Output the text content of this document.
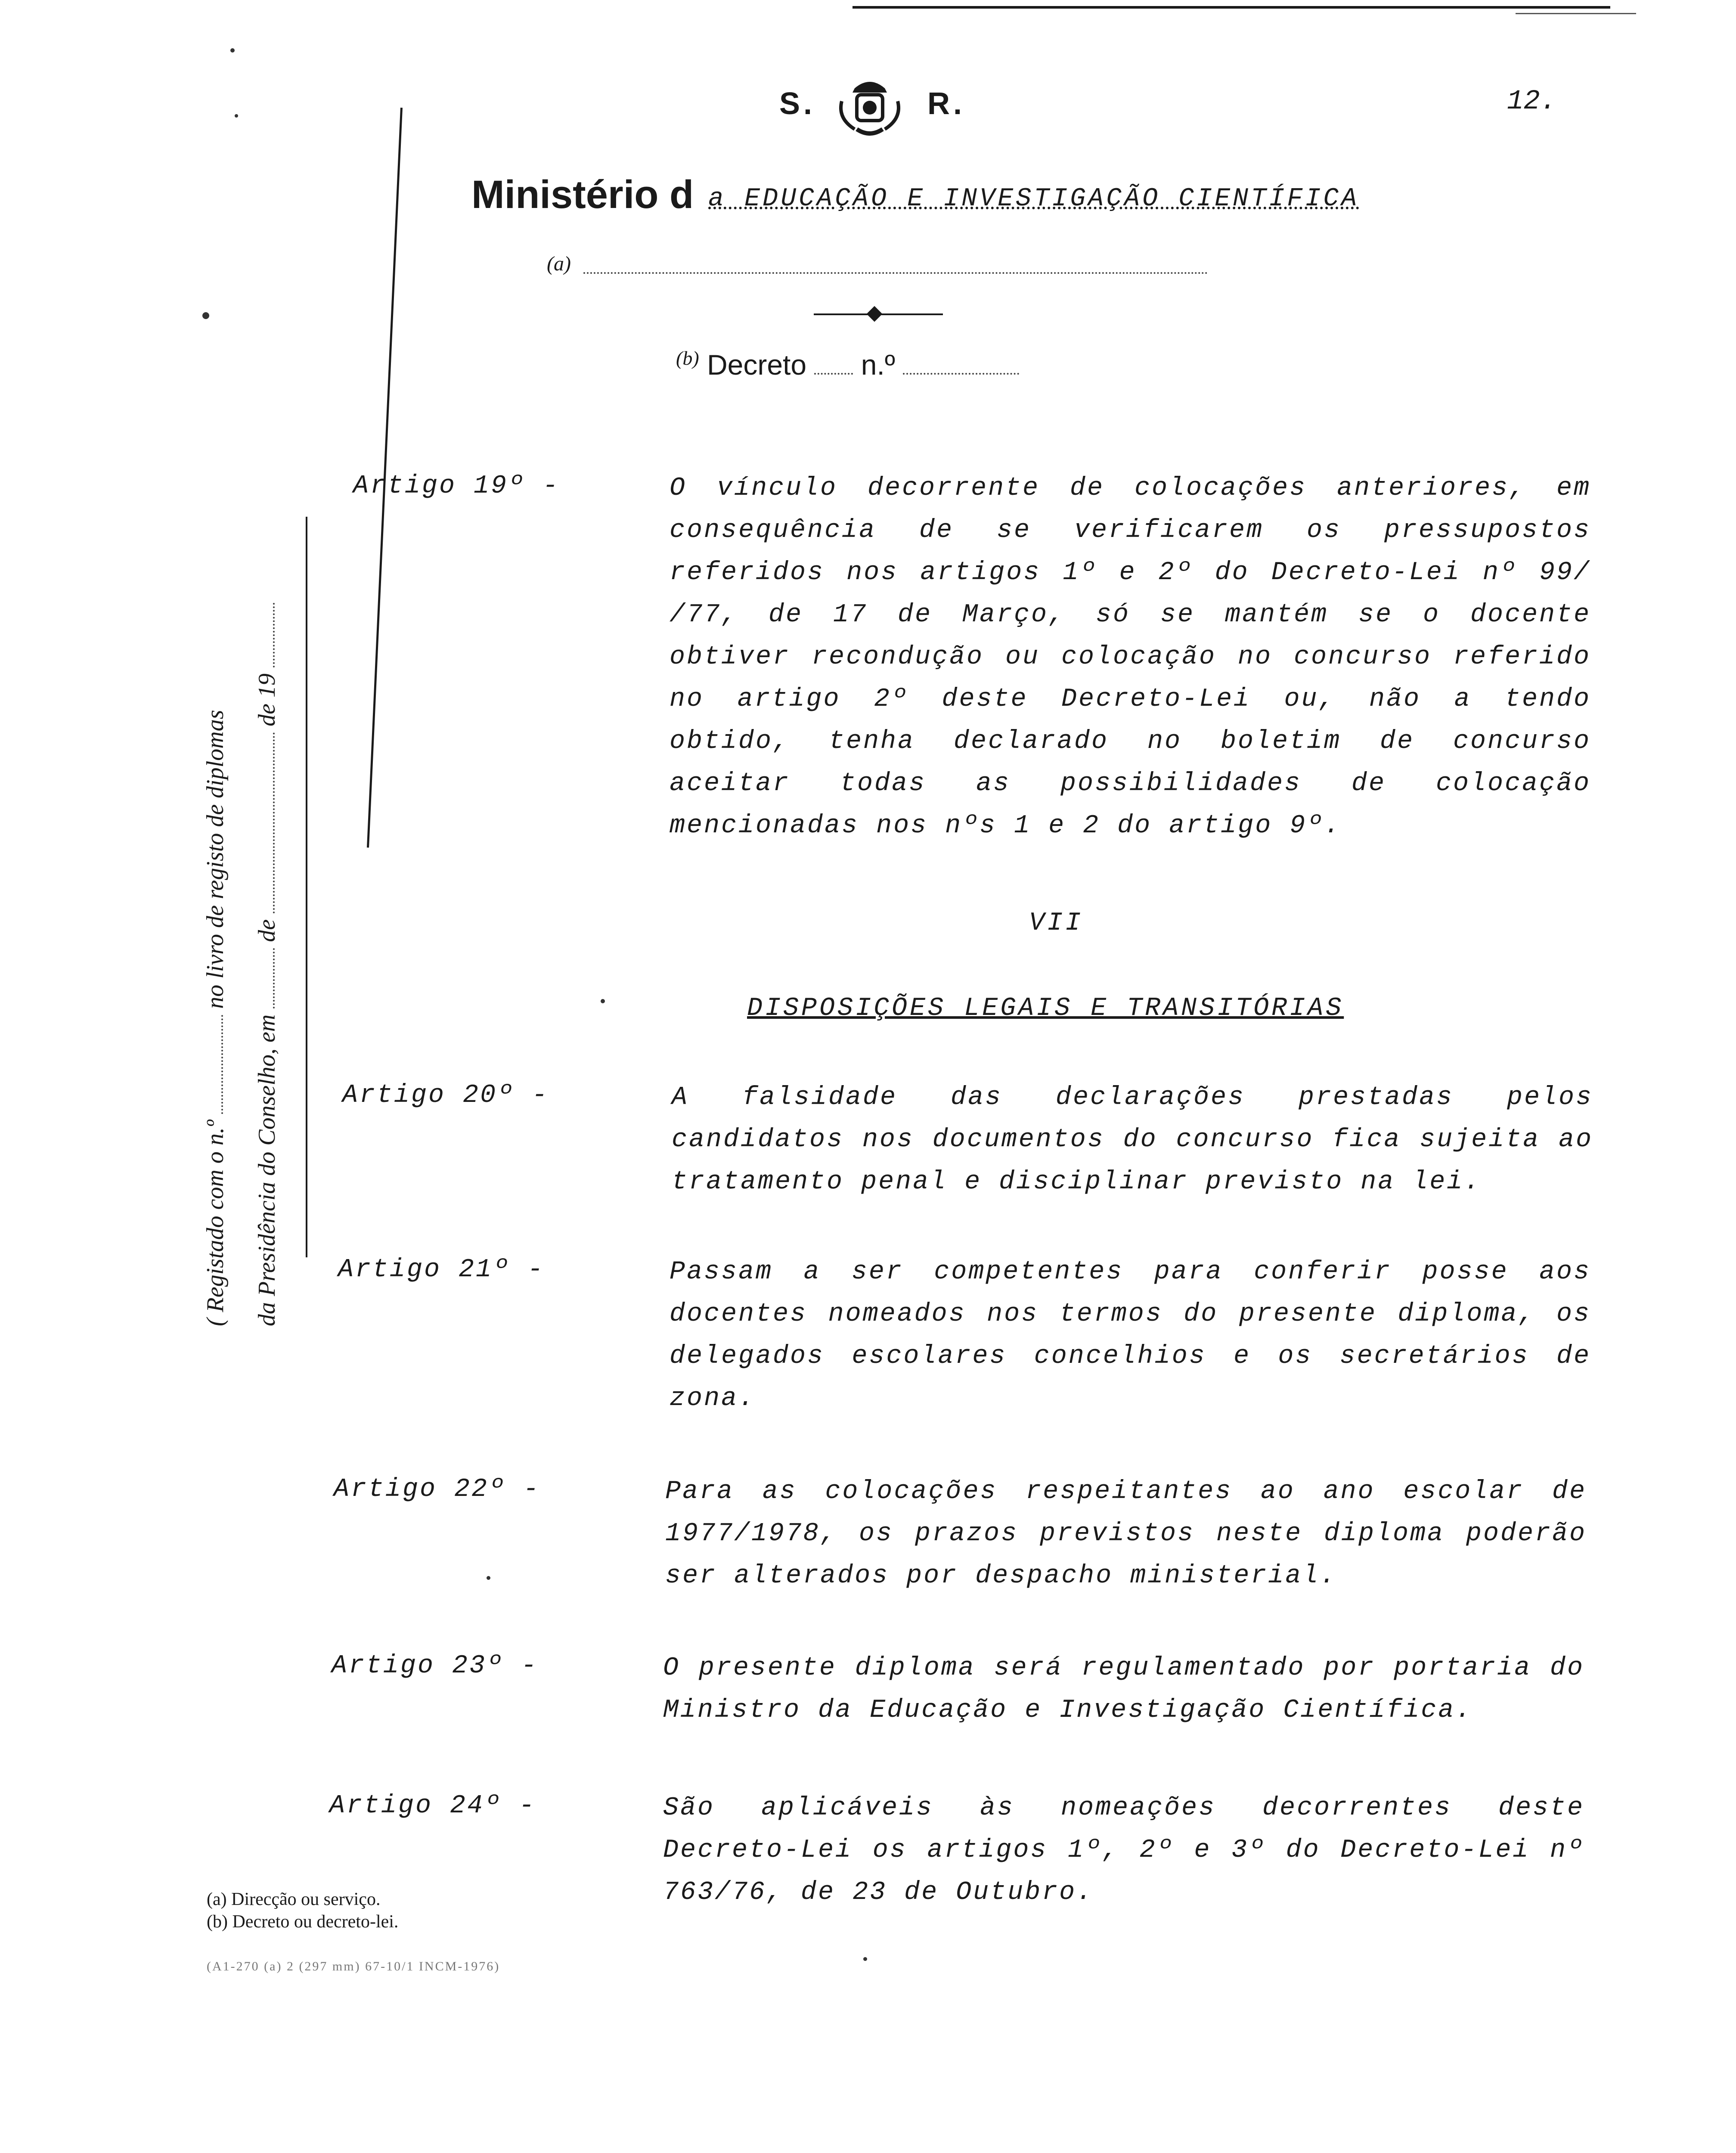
S.	R.	12.
Ministério d a EDUCAÇÃO E INVESTIGAÇÃO CIENTÍFICA
(a)
$^{(b)}$ Decreto n.º
( Registado com o n.º  no livro de registo de diplomas
da Presidência do Conselho, em  de  de 19
Artigo 19º -	O vínculo decorrente de colocações anteriores, em consequência de se verificarem os pressupostos referidos nos artigos 1º e 2º do Decreto-Lei nº 99/ /77, de 17 de Março, só se mantém se o docente obtiver recondução ou colocação no concurso referido no artigo 2º deste Decreto-Lei ou, não a tendo obtido, tenha declarado no boletim de concurso aceitar todas as possibilidades de colocação mencionadas nos nºs 1 e 2 do artigo 9º.
VII
DISPOSIÇÕES LEGAIS E TRANSITÓRIAS
Artigo 20º -	A falsidade das declarações prestadas pelos candidatos nos documentos do concurso fica sujeita ao tratamento penal e disciplinar previsto na lei.
Artigo 21º -	Passam a ser competentes para conferir posse aos docentes nomeados nos termos do presente diploma, os delegados escolares concelhios e os secretários de zona.
Artigo 22º -	Para as colocações respeitantes ao ano escolar de 1977/1978, os prazos previstos neste diploma poderão ser alterados por despacho ministerial.
Artigo 23º -	O presente diploma será regulamentado por portaria do Ministro da Educação e Investigação Científica.
Artigo 24º -	São aplicáveis às nomeações decorrentes deste Decreto-Lei os artigos 1º, 2º e 3º do Decreto-Lei nº 763/76, de 23 de Outubro.
(a) Direcção ou serviço.
(b) Decreto ou decreto-lei.
(A1-270 (a) 2 (297 mm) 67-10/1 INCM-1976)
